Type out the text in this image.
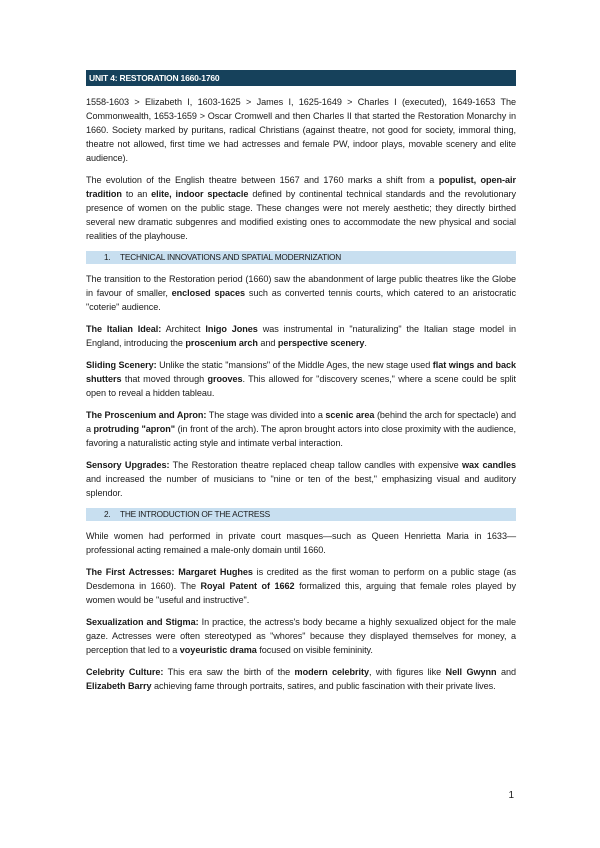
UNIT 4: RESTORATION 1660-1760

1558-1603 > Elizabeth I, 1603-1625 > James I, 1625-1649 > Charles I (executed), 1649-1653 The Commonwealth, 1653-1659 > Oscar Cromwell and then Charles II that started the Restoration Monarchy in 1660. Society marked by puritans, radical Christians (against theatre, not good for society, immoral thing, theatre not allowed, first time we had actresses and female PW, indoor plays, movable scenery and elite audience).

The evolution of the English theatre between 1567 and 1760 marks a shift from a populist, open-air tradition to an elite, indoor spectacle defined by continental technical standards and the revolutionary presence of women on the public stage. These changes were not merely aesthetic; they directly birthed several new dramatic subgenres and modified existing ones to accommodate the new physical and social realities of the playhouse.

1. TECHNICAL INNOVATIONS AND SPATIAL MODERNIZATION

The transition to the Restoration period (1660) saw the abandonment of large public theatres like the Globe in favour of smaller, enclosed spaces such as converted tennis courts, which catered to an aristocratic "coterie" audience.

The Italian Ideal: Architect Inigo Jones was instrumental in "naturalizing" the Italian stage model in England, introducing the proscenium arch and perspective scenery.

Sliding Scenery: Unlike the static "mansions" of the Middle Ages, the new stage used flat wings and back shutters that moved through grooves. This allowed for "discovery scenes," where a scene could be split open to reveal a hidden tableau.

The Proscenium and Apron: The stage was divided into a scenic area (behind the arch for spectacle) and a protruding "apron" (in front of the arch). The apron brought actors into close proximity with the audience, favoring a naturalistic acting style and intimate verbal interaction.

Sensory Upgrades: The Restoration theatre replaced cheap tallow candles with expensive wax candles and increased the number of musicians to "nine or ten of the best," emphasizing visual and auditory splendor.

2. THE INTRODUCTION OF THE ACTRESS

While women had performed in private court masques—such as Queen Henrietta Maria in 1633—professional acting remained a male-only domain until 1660.

The First Actresses: Margaret Hughes is credited as the first woman to perform on a public stage (as Desdemona in 1660). The Royal Patent of 1662 formalized this, arguing that female roles played by women would be "useful and instructive".

Sexualization and Stigma: In practice, the actress's body became a highly sexualized object for the male gaze. Actresses were often stereotyped as "whores" because they displayed themselves for money, a perception that led to a voyeuristic drama focused on visible femininity.

Celebrity Culture: This era saw the birth of the modern celebrity, with figures like Nell Gwynn and Elizabeth Barry achieving fame through portraits, satires, and public fascination with their private lives.

1
